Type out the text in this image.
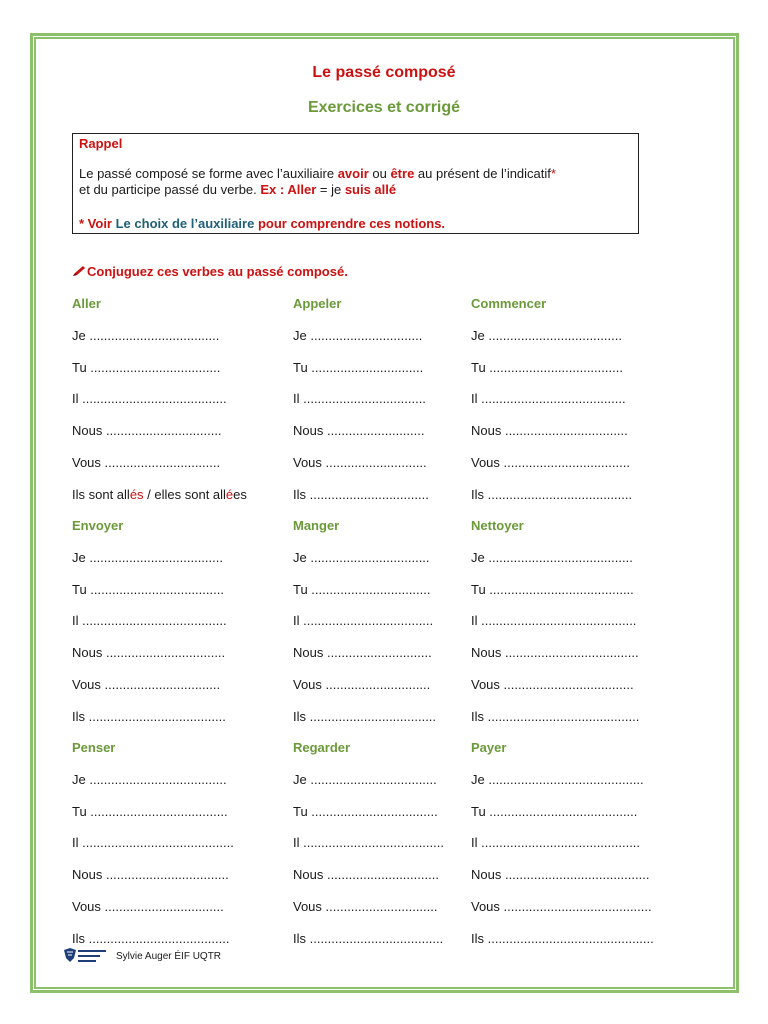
Le passé composé
Exercices et corrigé
Rappel
Le passé composé se forme avec l’auxiliaire avoir ou être au présent de l’indicatif*
et du participe passé du verbe. Ex : Aller = je suis allé
* Voir Le choix de l’auxiliaire pour comprendre ces notions.
Conjuguez ces verbes au passé composé.
Aller
Je ....................................
Tu ....................................
Il ........................................
Nous ................................
Vous ................................
Ils sont allés / elles sont allées
Appeler
Je ...............................
Tu ...............................
Il ..................................
Nous ...........................
Vous ............................
Ils .................................
Commencer
Je .....................................
Tu .....................................
Il ........................................
Nous ..................................
Vous ...................................
Ils ........................................
Envoyer
Je .....................................
Tu .....................................
Il ........................................
Nous .................................
Vous ................................
Ils ......................................
Manger
Je .................................
Tu .................................
Il ....................................
Nous .............................
Vous .............................
Ils ...................................
Nettoyer
Je ........................................
Tu ........................................
Il ...........................................
Nous .....................................
Vous ....................................
Ils ..........................................
Penser
Je ......................................
Tu ......................................
Il ..........................................
Nous ..................................
Vous .................................
Ils .......................................
Regarder
Je ...................................
Tu ...................................
Il .......................................
Nous ...............................
Vous ...............................
Ils .....................................
Payer
Je ...........................................
Tu .........................................
Il ............................................
Nous ........................................
Vous .........................................
Ils ..............................................
Sylvie Auger ÉIF UQTR
